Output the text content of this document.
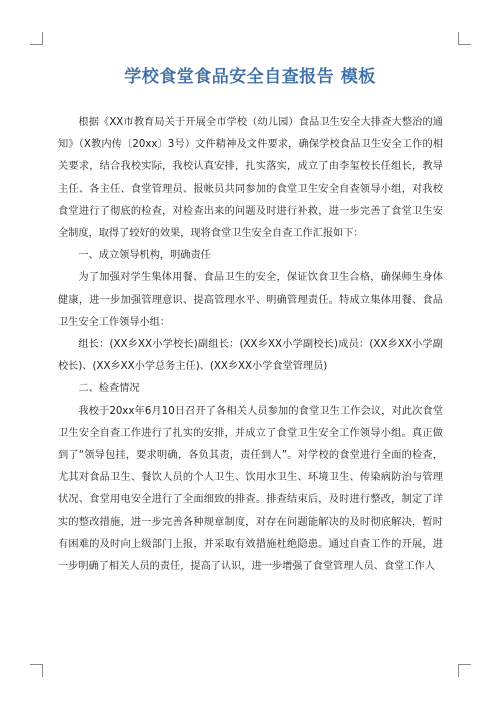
学校食堂食品安全自查报告 模板

根据《XX市教育局关于开展全市学校（幼儿园）食品卫生安全大排查大整治的通知》（X教内传〔20xx〕3号）文件精神及文件要求，确保学校食品卫生安全工作的相关要求，结合我校实际，我校认真安排，扎实落实，成立了由李玺校长任组长，教导主任、各主任、食堂管理员、报帐员共同参加的食堂卫生安全自查领导小组，对我校食堂进行了彻底的检查，对检查出来的问题及时进行补救，进一步完善了食堂卫生安全制度，取得了较好的效果，现将食堂卫生安全自查工作汇报如下：

一、成立领导机构，明确责任

为了加强对学生集体用餐、食品卫生的安全，保证饮食卫生合格，确保师生身体健康，进一步加强管理意识、提高管理水平、明确管理责任。特成立集体用餐、食品卫生安全工作领导小组：

组长：(XX乡XX小学校长)副组长：(XX乡XX小学副校长)成员：(XX乡XX小学副校长)、(XX乡XX小学总务主任)、(XX乡XX小学食堂管理员)

二、检查情况

我校于20xx年6月10日召开了各相关人员参加的食堂卫生工作会议，对此次食堂卫生安全自查工作进行了扎实的安排，并成立了食堂卫生安全工作领导小组。真正做到了“领导包挂，要求明确，各负其责，责任到人”。对学校的食堂进行全面的检查，尤其对食品卫生、餐饮人员的个人卫生、饮用水卫生、环境卫生、传染病防治与管理状况、食堂用电安全进行了全面细致的排查。排查结束后，及时进行整改，制定了详实的整改措施，进一步完善各种规章制度，对存在问题能解决的及时彻底解决，暂时有困难的及时向上级部门上报，并采取有效措施杜绝隐患。通过自查工作的开展，进一步明确了相关人员的责任，提高了认识，进一步增强了食堂管理人员、食堂工作人
